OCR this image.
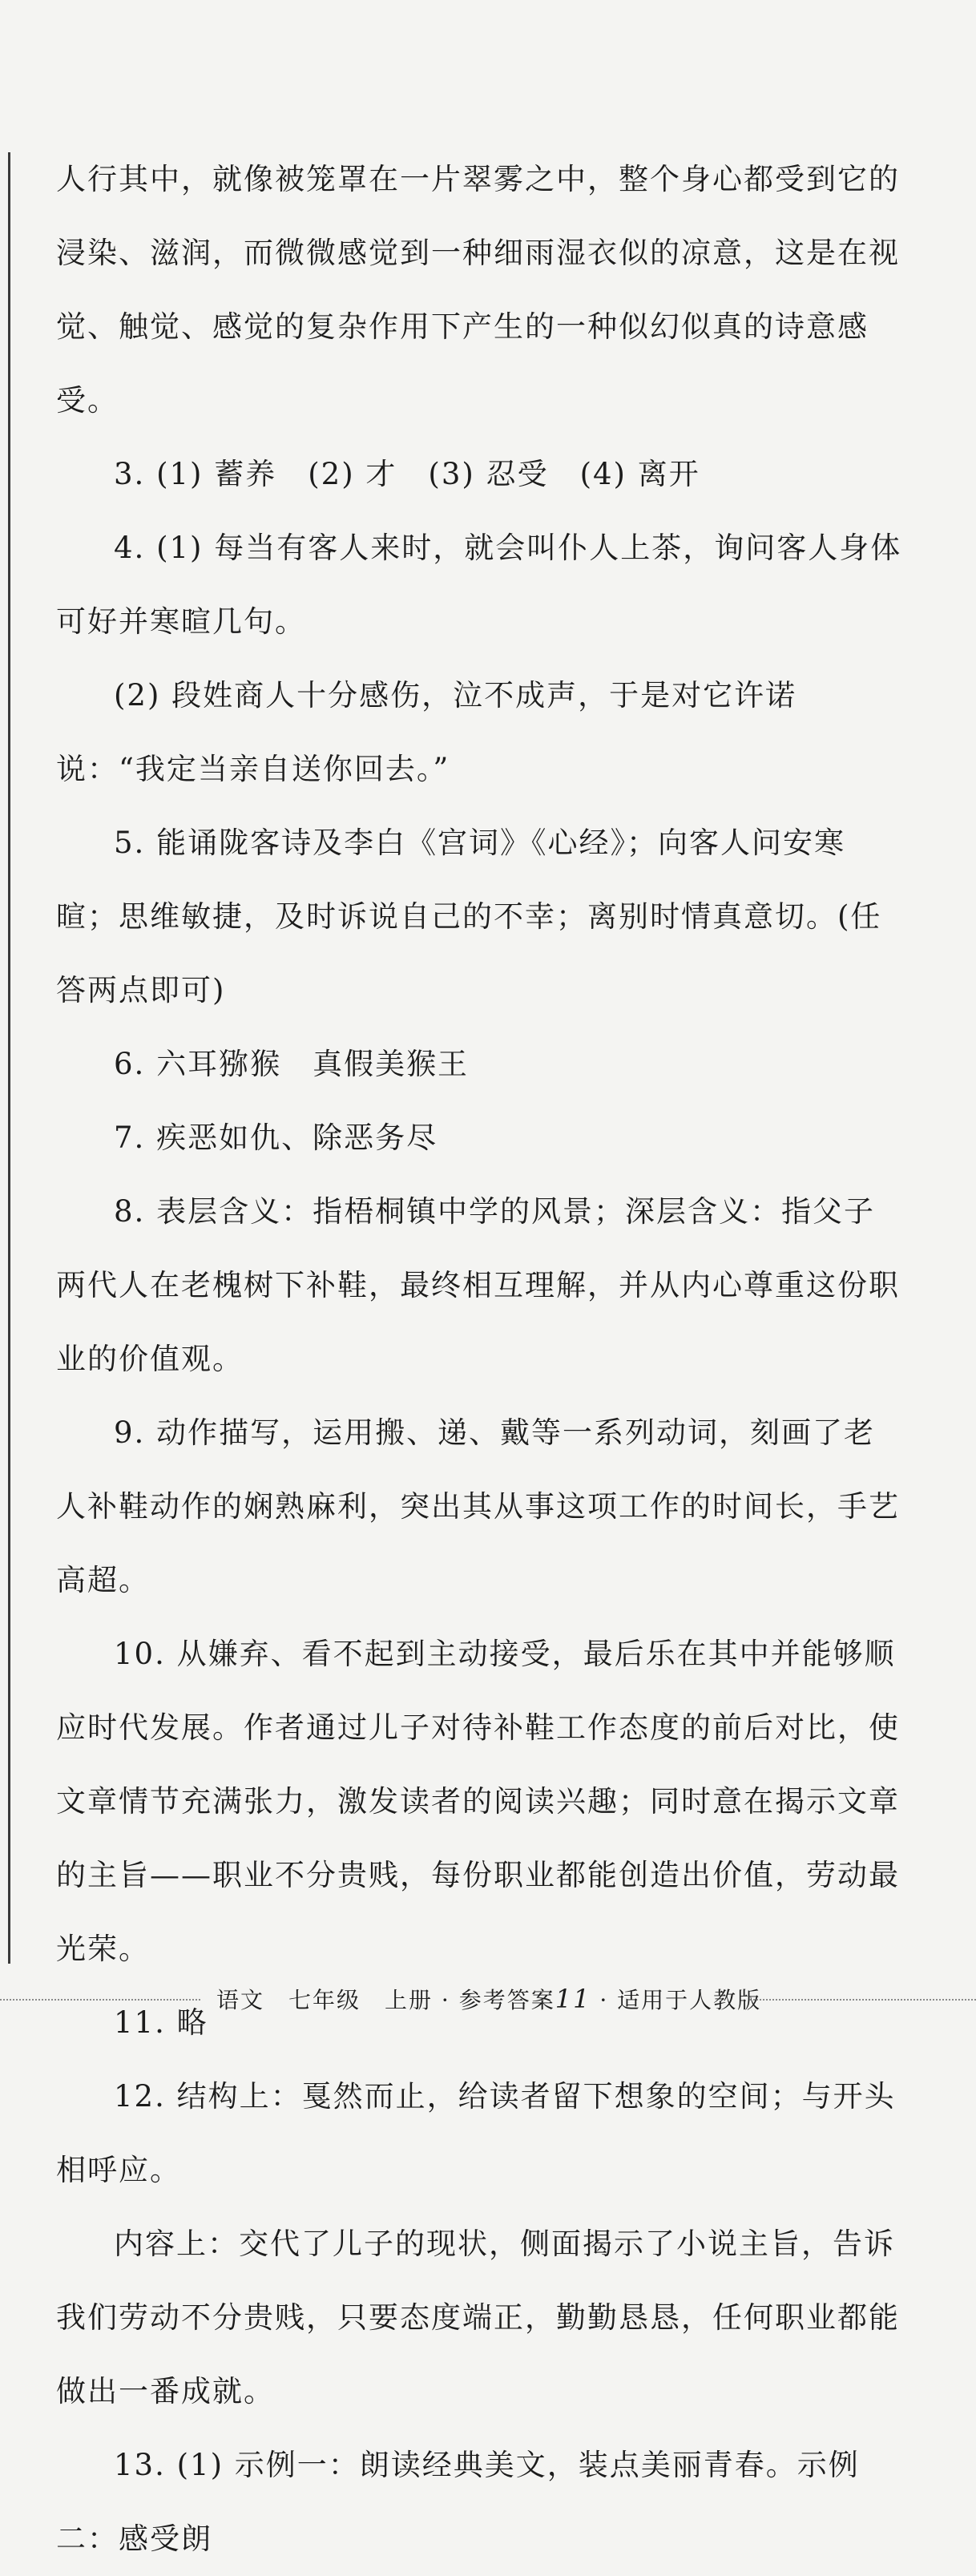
人行其中，就像被笼罩在一片翠雾之中，整个身心都受到它的浸染、滋润，而微微感觉到一种细雨湿衣似的凉意，这是在视觉、触觉、感觉的复杂作用下产生的一种似幻似真的诗意感受。

3. (1) 蓄养　(2) 才　(3) 忍受　(4) 离开

4. (1) 每当有客人来时，就会叫仆人上茶，询问客人身体可好并寒暄几句。

(2) 段姓商人十分感伤，泣不成声，于是对它许诺说：“我定当亲自送你回去。”

5. 能诵陇客诗及李白《宫词》《心经》；向客人问安寒暄；思维敏捷，及时诉说自己的不幸；离别时情真意切。(任答两点即可)

6. 六耳猕猴　真假美猴王

7. 疾恶如仇、除恶务尽

8. 表层含义：指梧桐镇中学的风景；深层含义：指父子两代人在老槐树下补鞋，最终相互理解，并从内心尊重这份职业的价值观。

9. 动作描写，运用搬、递、戴等一系列动词，刻画了老人补鞋动作的娴熟麻利，突出其从事这项工作的时间长，手艺高超。

10. 从嫌弃、看不起到主动接受，最后乐在其中并能够顺应时代发展。作者通过儿子对待补鞋工作态度的前后对比，使文章情节充满张力，激发读者的阅读兴趣；同时意在揭示文章的主旨——职业不分贵贱，每份职业都能创造出价值，劳动最光荣。

11. 略

12. 结构上：戛然而止，给读者留下想象的空间；与开头相呼应。

内容上：交代了儿子的现状，侧面揭示了小说主旨，告诉我们劳动不分贵贱，只要态度端正，勤勤恳恳，任何职业都能做出一番成就。

13. (1) 示例一：朗读经典美文，装点美丽青春。示例二：感受朗

语文　七年级　上册 · 参考答案11 · 适用于人教版
